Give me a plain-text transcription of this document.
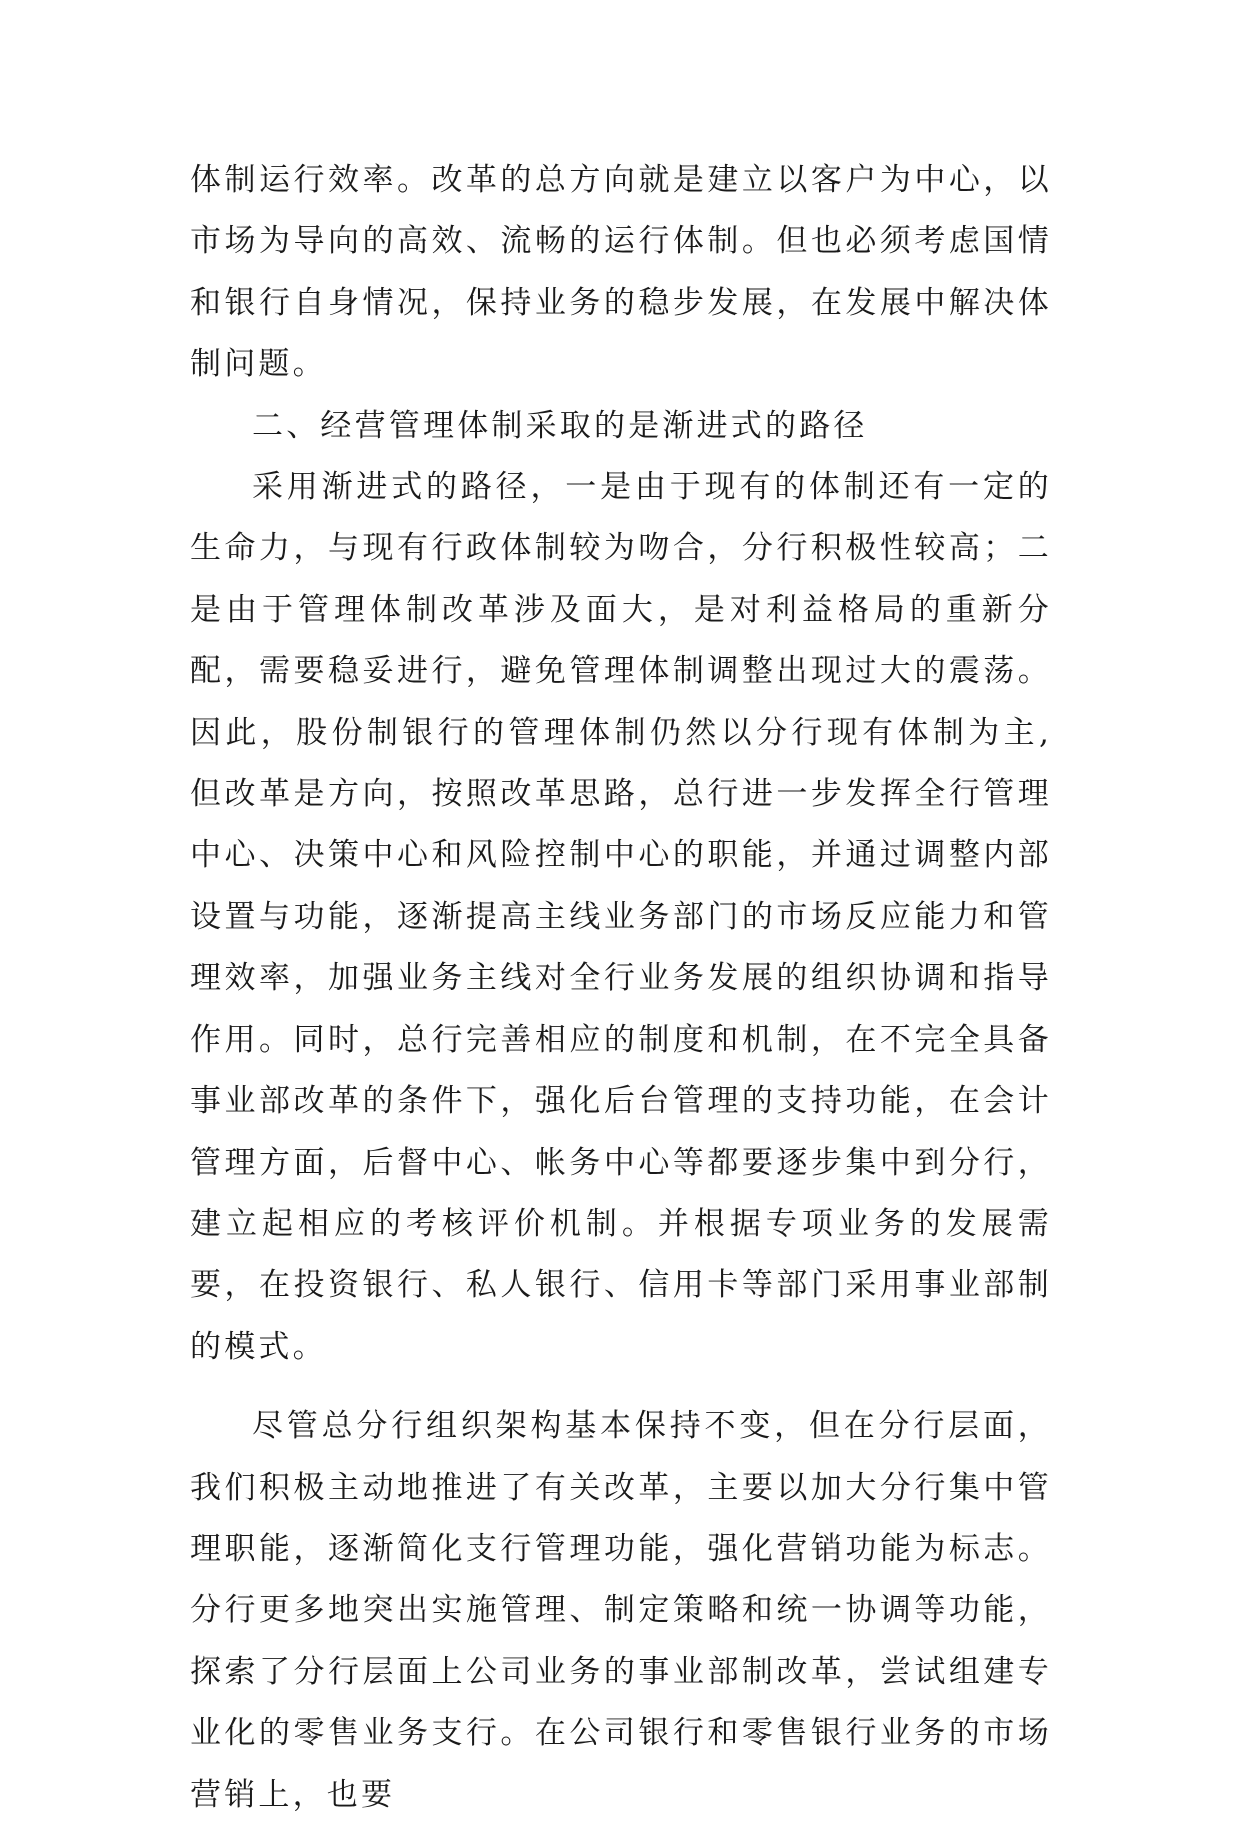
体制运行效率。改革的总方向就是建立以客户为中心，以市场为导向的高效、流畅的运行体制。但也必须考虑国情和银行自身情况，保持业务的稳步发展，在发展中解决体制问题。

二、经营管理体制采取的是渐进式的路径

采用渐进式的路径，一是由于现有的体制还有一定的生命力，与现有行政体制较为吻合，分行积极性较高；二是由于管理体制改革涉及面大，是对利益格局的重新分配，需要稳妥进行，避免管理体制调整出现过大的震荡。因此，股份制银行的管理体制仍然以分行现有体制为主,但改革是方向，按照改革思路，总行进一步发挥全行管理中心、决策中心和风险控制中心的职能，并通过调整内部设置与功能，逐渐提高主线业务部门的市场反应能力和管理效率，加强业务主线对全行业务发展的组织协调和指导作用。同时，总行完善相应的制度和机制，在不完全具备事业部改革的条件下，强化后台管理的支持功能，在会计管理方面，后督中心、帐务中心等都要逐步集中到分行，建立起相应的考核评价机制。并根据专项业务的发展需要，在投资银行、私人银行、信用卡等部门采用事业部制的模式。

尽管总分行组织架构基本保持不变，但在分行层面，我们积极主动地推进了有关改革，主要以加大分行集中管理职能，逐渐简化支行管理功能，强化营销功能为标志。分行更多地突出实施管理、制定策略和统一协调等功能，探索了分行层面上公司业务的事业部制改革，尝试组建专业化的零售业务支行。在公司银行和零售银行业务的市场营销上，也要
